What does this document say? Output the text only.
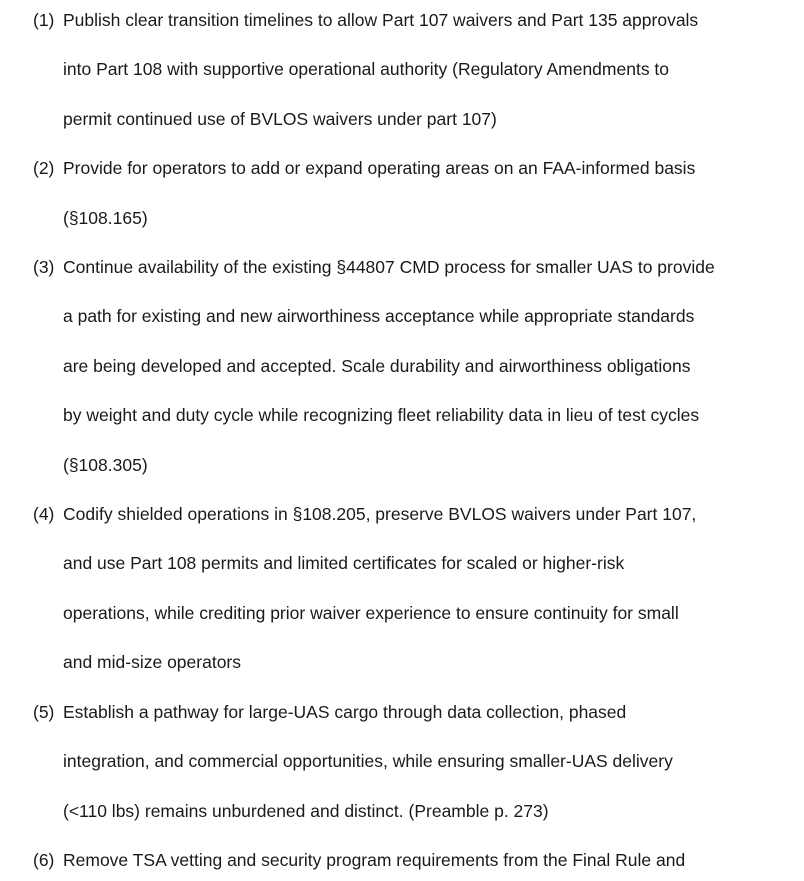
(1) Publish clear transition timelines to allow Part 107 waivers and Part 135 approvals
into Part 108 with supportive operational authority (Regulatory Amendments to
permit continued use of BVLOS waivers under part 107)
(2) Provide for operators to add or expand operating areas on an FAA-informed basis
(§108.165)
(3) Continue availability of the existing §44807 CMD process for smaller UAS to provide
a path for existing and new airworthiness acceptance while appropriate standards
are being developed and accepted. Scale durability and airworthiness obligations
by weight and duty cycle while recognizing fleet reliability data in lieu of test cycles
(§108.305)
(4) Codify shielded operations in §108.205, preserve BVLOS waivers under Part 107,
and use Part 108 permits and limited certificates for scaled or higher-risk
operations, while crediting prior waiver experience to ensure continuity for small
and mid-size operators
(5) Establish a pathway for large-UAS cargo through data collection, phased
integration, and commercial opportunities, while ensuring smaller-UAS delivery
(<110 lbs) remains unburdened and distinct. (Preamble p. 273)
(6) Remove TSA vetting and security program requirements from the Final Rule and
